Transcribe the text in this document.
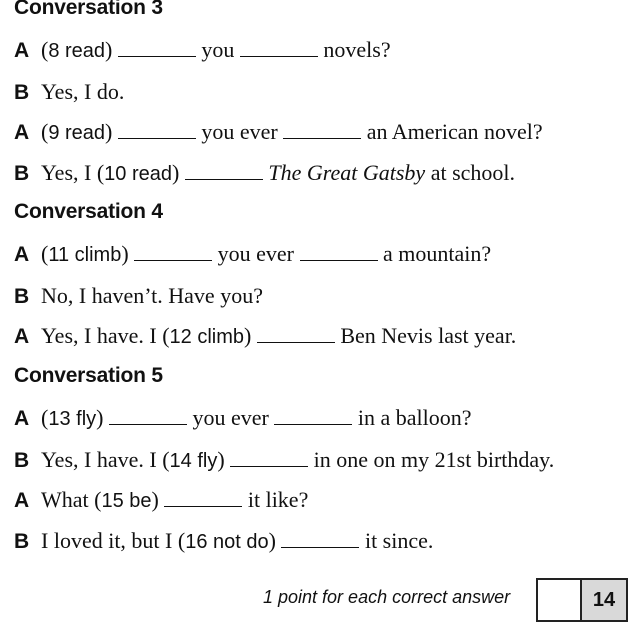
Conversation 3
A (8 read)	you	novels?
B Yes, I do.
A (9 read)	you ever	an American novel?
B Yes, I (10 read)	The Great Gatsby at school.
Conversation 4
A (11 climb)	you ever	a mountain?
B No, I haven’t. Have you?
A Yes, I have. I (12 climb)	Ben Nevis last year.
Conversation 5
A (13 fly)	you ever	in a balloon?
B Yes, I have. I (14 fly)	in one on my 21st birthday.
A What (15 be)	it like?
B I loved it, but I (16 not do)	it since.
1 point for each correct answer	14
